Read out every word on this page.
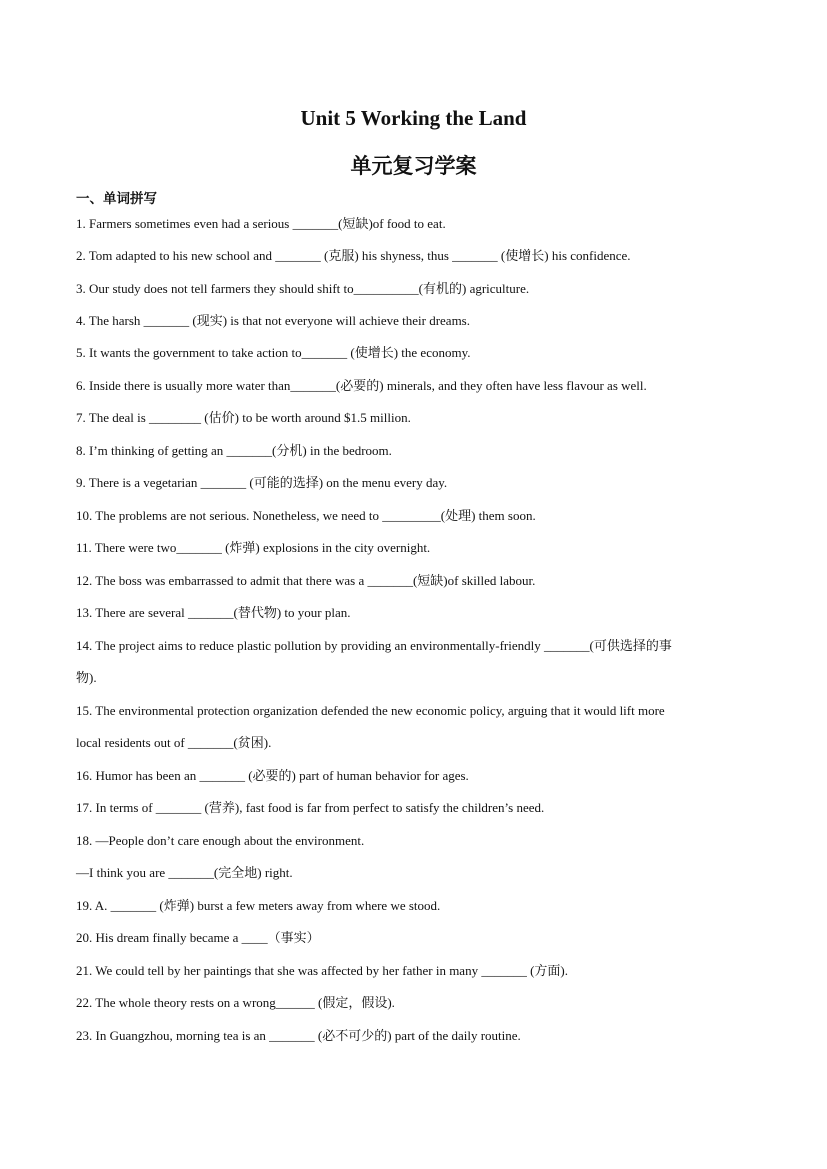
Unit 5 Working the Land
单元复习学案
一、单词拼写

1. Farmers sometimes even had a serious _______(短缺)of food to eat.

2. Tom adapted to his new school and _______ (克服) his shyness, thus _______ (使增长) his confidence.

3. Our study does not tell farmers they should shift to__________(有机的) agriculture.

4. The harsh _______ (现实) is that not everyone will achieve their dreams.

5. It wants the government to take action to_______ (使增长) the economy.

6. Inside there is usually more water than_______(必要的) minerals, and they often have less flavour as well.

7. The deal is ________ (估价) to be worth around $1.5 million.

8. I’m thinking of getting an _______(分机) in the bedroom.

9. There is a vegetarian _______ (可能的选择) on the menu every day.

10. The problems are not serious. Nonetheless, we need to _________(处理) them soon.

11. There were two_______ (炸弹) explosions in the city overnight.

12. The boss was embarrassed to admit that there was a _______(短缺)of skilled labour.

13. There are several _______(替代物) to your plan.

14. The project aims to reduce plastic pollution by providing an environmentally-friendly _______(可供选择的事

物).

15. The environmental protection organization defended the new economic policy, arguing that it would lift more

local residents out of _______(贫困).

16. Humor has been an _______ (必要的) part of human behavior for ages.

17. In terms of _______ (营养), fast food is far from perfect to satisfy the children’s need.

18. —People don’t care enough about the environment.

—I think you are _______(完全地) right.

19. A. _______ (炸弹) burst a few meters away from where we stood.

20. His dream finally became a ____（事实）

21. We could tell by her paintings that she was affected by her father in many _______ (方面).

22. The whole theory rests on a wrong______ (假定，假设).

23. In Guangzhou, morning tea is an _______ (必不可少的) part of the daily routine.
